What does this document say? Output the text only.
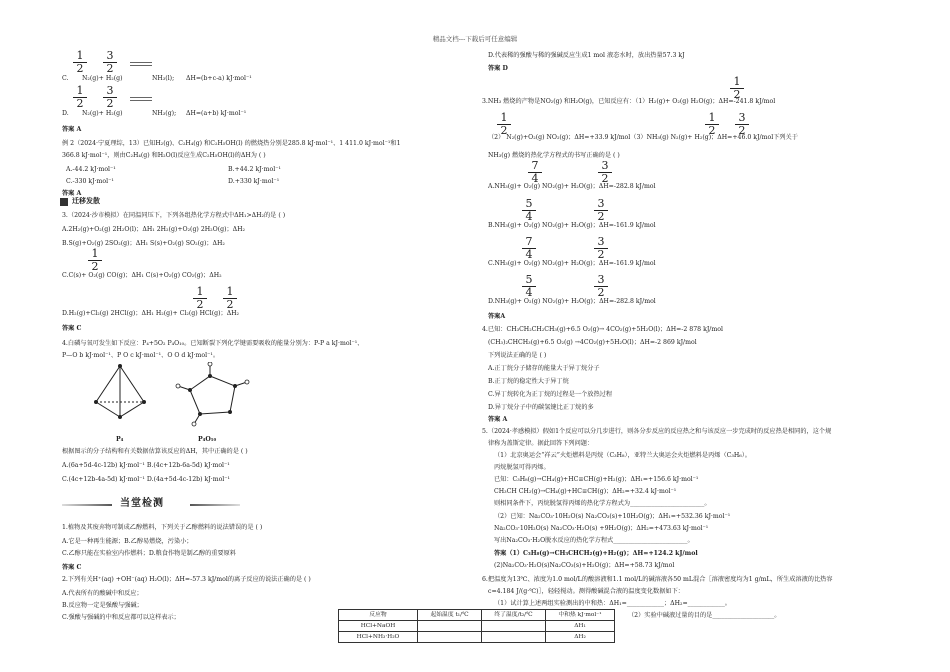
精品文档---下载后可任意编辑
$\frac{1}{2} \frac{3}{2}$
C. N₂(g)+ H₂(g)	NH₃(l); ΔH=(b+c-a) kJ·mol⁻¹
$\frac{1}{2} \frac{3}{2}$
D. N₂(g)+ H₂(g)	NH₃(g); ΔH=(a+b) kJ·mol⁻¹
答案 A
例 2（2024·宁夏理综，13）已知H₂(g)、C₂H₄(g) 和C₂H₅OH(l) 的燃烧热分别是285.8 kJ·mol⁻¹、1 411.0 kJ·mol⁻¹和1
366.8 kJ·mol⁻¹，则由C₂H₄(g) 和H₂O(l)反应生成C₂H₅OH(l)的ΔH为 ( )
A.-44.2 kJ·mol⁻¹	B.+44.2 kJ·mol⁻¹
C.-330 kJ·mol⁻¹	D.+330 kJ·mol⁻¹
答案 A
迁移发散
3.（2024·沙市模拟）在同温同压下，下列各组热化学方程式中ΔH₁>ΔH₂的是 ( )
A.2H₂(g)+O₂(g) 2H₂O(l)；ΔH₁ 2H₂(g)+O₂(g) 2H₂O(g)；ΔH₂
B.S(g)+O₂(g) 2SO₂(g)；ΔH₁ S(s)+O₂(g) SO₂(g)；ΔH₂
$\frac{1}{2}$
C.C(s)+ O₂(g) CO(g)；ΔH₁ C(s)+O₂(g) CO₂(g)；ΔH₂
$\frac{1}{2} \frac{1}{2}$
D.H₂(g)+Cl₂(g) 2HCl(g)；ΔH₁ H₂(g)+ Cl₂(g) HCl(g)；ΔH₂
答案 C
4.白磷与氧可发生如下反应：P₄+5O₂ P₄O₁₀。已知断裂下列化学键需要吸收的能量分别为：P-P a kJ·mol⁻¹、
P—O b kJ·mol⁻¹、P O c kJ·mol⁻¹、O O d kJ·mol⁻¹。
P₄	P₄O₁₀
根据图示的分子结构和有关数据估算该反应的ΔH，其中正确的是 ( )
A.(6a+5d-4c-12b) kJ·mol⁻¹ B.(4c+12b-6a-5d) kJ·mol⁻¹
C.(4c+12b-4a-5d) kJ·mol⁻¹ D.(4a+5d-4c-12b) kJ·mol⁻¹
当堂检测
1.植物及其废弃物可制成乙醇燃料，下列关于乙醇燃料的说法错误的是 ( )
A.它是一种再生能源；B.乙醇易燃烧，污染小；
C.乙醇只能在实验室内作燃料；D.粮食作物是制乙醇的重要原料
答案 C
2.下列有关H⁺(aq) +OH⁻(aq) H₂O(l)；ΔH=-57.3 kJ/mol的离子反应的说法正确的是 ( )
A.代表所有的酸碱中和反应；
B.反应物一定是强酸与强碱；
C.强酸与强碱的中和反应都可以这样表示；
D.代表稀的强酸与稀的强碱反应生成1 mol 液态水时，放出热量57.3 kJ
答案 D
$\frac{1}{2}$
3.NH₃ 燃烧的产物是NO₂(g) 和H₂O(g)，已知反应有：（1）H₂(g)+ O₂(g) H₂O(g)；ΔH=-241.8 kJ/mol
$\frac{1}{2}$	$\frac{1}{2} \frac{3}{2}$
（2） N₂(g)+O₂(g) NO₂(g)；ΔH=+33.9 kJ/mol（3）NH₃(g) N₂(g)+ H₂(g)；ΔH=+46.0 kJ/mol下列关于
NH₃(g) 燃烧的热化学方程式的书写正确的是 ( )
$\frac{7}{4}$	$\frac{3}{2}$
A.NH₃(g)+ O₂(g) NO₂(g)+ H₂O(g)；ΔH=-282.8 kJ/mol
$\frac{5}{4}$	$\frac{3}{2}$
B.NH₃(g)+ O₂(g) NO₂(g)+ H₂O(g)；ΔH=-161.9 kJ/mol
$\frac{7}{4}$	$\frac{3}{2}$
C.NH₃(g)+ O₂(g) NO₂(g)+ H₂O(g)；ΔH=-161.9 kJ/mol
$\frac{5}{4}$	$\frac{3}{2}$
D.NH₃(g)+ O₂(g) NO₂(g)+ H₂O(g)；ΔH=-282.8 kJ/mol
答案A
4.已知：CH₃CH₂CH₂CH₃(g)+6.5 O₂(g)→ 4CO₂(g)+5H₂O(l)；ΔH=-2 878 kJ/mol
(CH₃)₂CHCH₃(g)+6.5 O₂(g) →4CO₂(g)+5H₂O(l)；ΔH=-2 869 kJ/mol
下列说法正确的是 ( )
A.正丁烷分子储存的能量大于异丁烷分子
B.正丁烷的稳定性大于异丁烷
C.异丁烷转化为正丁烷的过程是一个放热过程
D.异丁烷分子中的碳氢键比正丁烷的多
答案 A
5.（2024·孝感模拟）假如1个反应可以分几步进行，则各分步反应的反应热之和与该反应一步完成时的反应热是相同的，这个规
律称为盖斯定律。据此回答下列问题：
（1）北京奥运会“祥云”火炬燃料是丙烷（C₃H₈），亚特兰大奥运会火炬燃料是丙烯（C₃H₆）。
丙烷脱氢可得丙烯。
已知：C₃H₈(g)→CH₄(g)+HC≡CH(g)+H₂(g)；ΔH₁=+156.6 kJ·mol⁻¹
CH₃CH CH₂(g)→CH₄(g)+HC≡CH(g)；ΔH₂=+32.4 kJ·mol⁻¹
则相同条件下，丙烷脱氢得丙烯的热化学方程式为________________________。
（2）已知：Na₂CO₃·10H₂O(s) Na₂CO₃(s)+10H₂O(g)；ΔH₁=+532.36 kJ·mol⁻¹
Na₂CO₃·10H₂O(s) Na₂CO₃·H₂O(s) +9H₂O(g)；ΔH₂=+473.63 kJ·mol⁻¹
写出Na₂CO₃·H₂O脱水反应的热化学方程式________________________。
答案（1）C₃H₈(g)→CH₃CHCH₂(g)+H₂(g)；ΔH=+124.2 kJ/mol
(2)Na₂CO₃·H₂O(s)Na₂CO₃(s)+H₂O(g)；ΔH=+58.73 kJ/mol
6.把温度为13℃、浓度为1.0 mol/L的酸溶液和1.1 mol/L的碱溶液各50 mL混合［溶液密度均为1 g/mL，所生成溶液的比热容
c=4.184 J/(g·℃)］，轻轻搅动。测得酸碱混合液的温度变化数据如下：
（1）试计算上述两组实验测出的中和热：ΔH₁=____________；ΔH₂=____________。
（2）实验中碱液过量的目的是____________________。
反应物	起始温度 t₁/℃	终了温度/t₂/℃	中和热 kJ·mol⁻¹
HCl+NaOH			ΔH₁
HCl+NH₃·H₂O			ΔH₂
